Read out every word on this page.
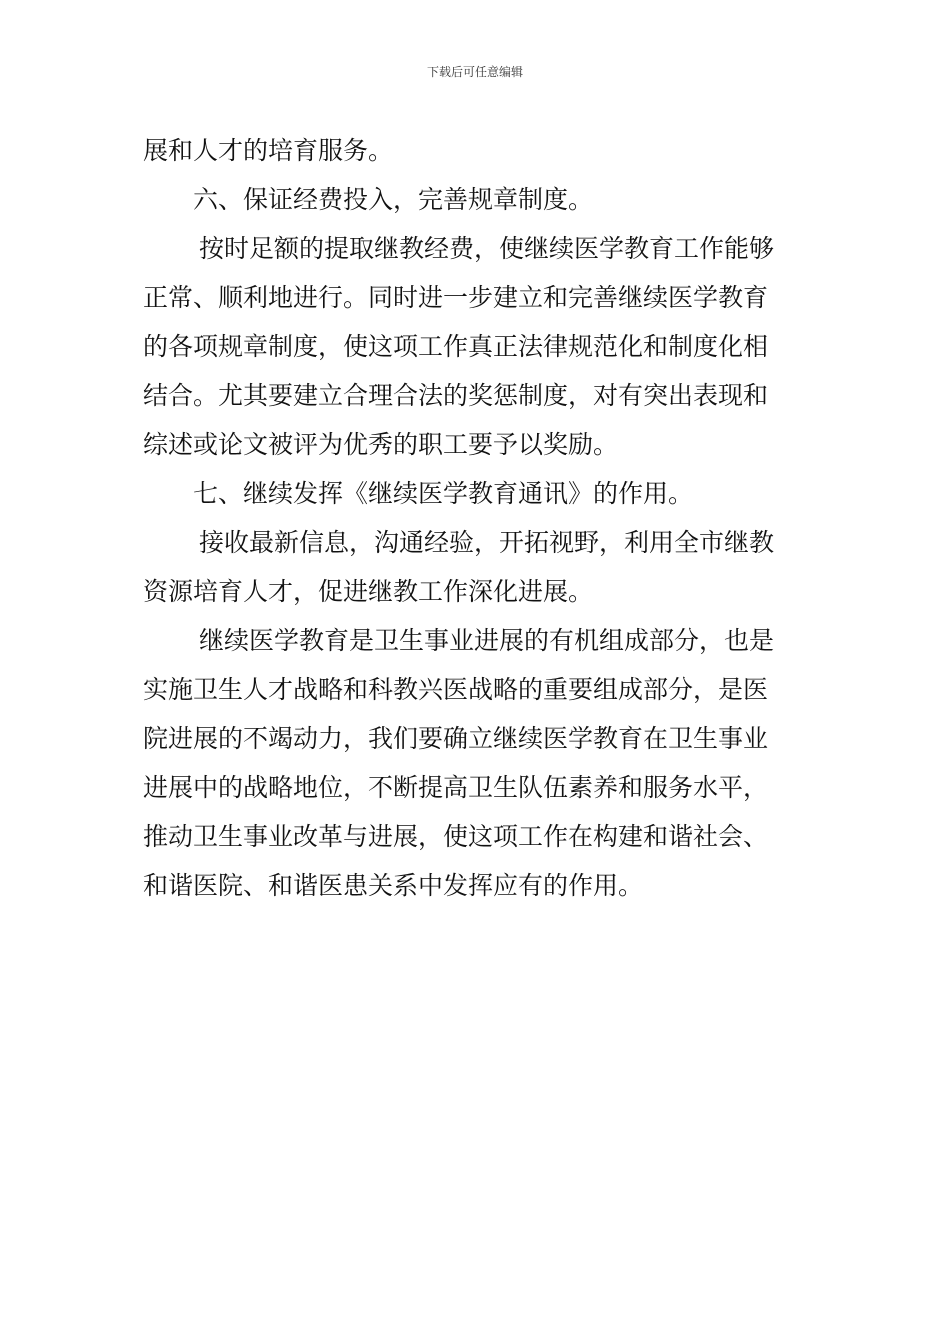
下载后可任意编辑
展和人才的培育服务。
六、保证经费投入，完善规章制度。
按时足额的提取继教经费，使继续医学教育工作能够
正常、顺利地进行。同时进一步建立和完善继续医学教育
的各项规章制度，使这项工作真正法律规范化和制度化相
结合。尤其要建立合理合法的奖惩制度，对有突出表现和
综述或论文被评为优秀的职工要予以奖励。
七、继续发挥《继续医学教育通讯》的作用。
接收最新信息，沟通经验，开拓视野，利用全市继教
资源培育人才，促进继教工作深化进展。
继续医学教育是卫生事业进展的有机组成部分，也是
实施卫生人才战略和科教兴医战略的重要组成部分，是医
院进展的不竭动力，我们要确立继续医学教育在卫生事业
进展中的战略地位，不断提高卫生队伍素养和服务水平，
推动卫生事业改革与进展，使这项工作在构建和谐社会、
和谐医院、和谐医患关系中发挥应有的作用。
